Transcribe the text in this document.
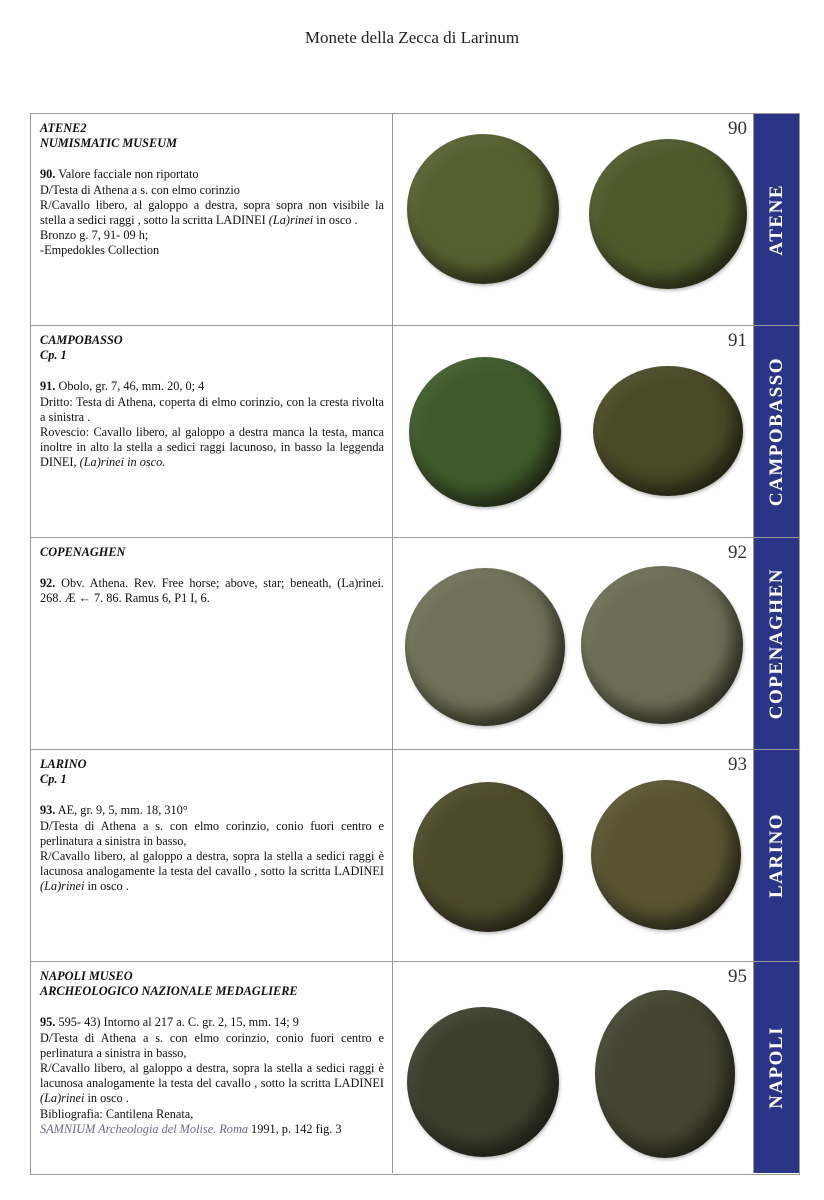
Monete della Zecca di Larinum
ATENE2
NUMISMATIC MUSEUM
90. Valore facciale non riportato
D/Testa di Athena a s. con elmo corinzio
R/Cavallo libero, al galoppo a destra, sopra sopra non visibile la stella a sedici raggi , sotto la scritta LADINEI (La)rinei in osco .
Bronzo g. 7, 91- 09 h;
-Empedokles Collection
90
ATENE
CAMPOBASSO
Cp. 1
91. Obolo, gr. 7, 46, mm. 20, 0; 4
Dritto: Testa di Athena, coperta di elmo corinzio, con la cresta rivolta a sinistra .
Rovescio: Cavallo libero, al galoppo a destra manca la testa, manca inoltre in alto la stella a sedici raggi lacunoso, in basso la leggenda DINEI, (La)rinei in osco.
91
CAMPOBASSO
COPENAGHEN
92. Obv. Athena. Rev. Free horse; above, star; beneath, (La)rinei. 268. Æ ← 7. 86. Ramus 6, P1 I, 6.
92
COPENAGHEN
LARINO
Cp. 1
93. AE, gr. 9, 5, mm. 18, 310°
D/Testa di Athena a s. con elmo corinzio, conio fuori centro e perlinatura a sinistra in basso,
R/Cavallo libero, al galoppo a destra, sopra la stella a sedici raggi è lacunosa analogamente la testa del cavallo , sotto la scritta LADINEI (La)rinei in osco .
93
LARINO
NAPOLI MUSEO
ARCHEOLOGICO NAZIONALE MEDAGLIERE
95. 595- 43) Intorno al 217 a. C. gr. 2, 15, mm. 14; 9
D/Testa di Athena a s. con elmo corinzio, conio fuori centro e perlinatura a sinistra in basso,
R/Cavallo libero, al galoppo a destra, sopra la stella a sedici raggi è lacunosa analogamente la testa del cavallo , sotto la scritta LADINEI (La)rinei in osco .
Bibliografia: Cantilena Renata,
SAMNIUM Archeologia del Molise. Roma 1991, p. 142 fig. 3
95
NAPOLI
